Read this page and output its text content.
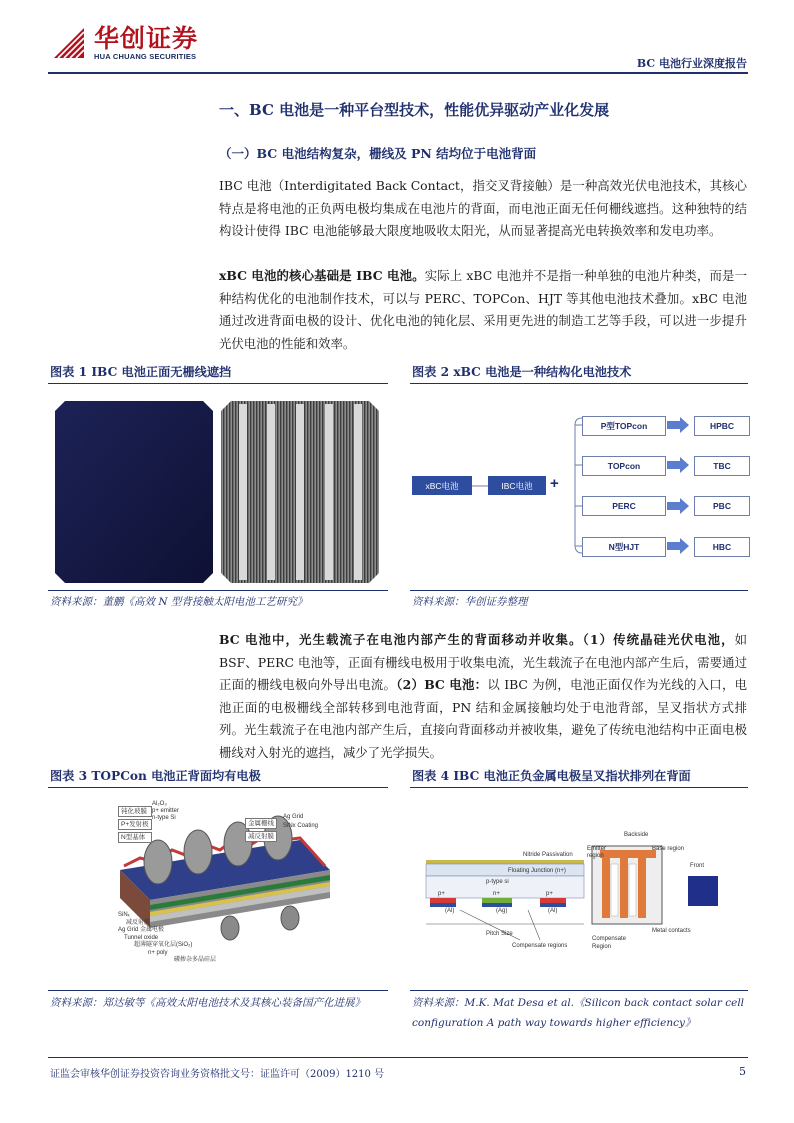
华创证券
HUA CHUANG SECURITIES
BC 电池行业深度报告
一、BC 电池是一种平台型技术，性能优异驱动产业化发展
（一）BC 电池结构复杂，栅线及 PN 结均位于电池背面
IBC 电池（Interdigitated Back Contact，指交叉背接触）是一种高效光伏电池技术，其核心特点是将电池的正负两电极均集成在电池片的背面，而电池正面无任何栅线遮挡。这种独特的结构设计使得 IBC 电池能够最大限度地吸收太阳光，从而显著提高光电转换效率和发电功率。
xBC 电池的核心基础是 IBC 电池。实际上 xBC 电池并不是指一种单独的电池片种类，而是一种结构优化的电池制作技术，可以与 PERC、TOPCon、HJT 等其他电池技术叠加。xBC 电池通过改进背面电极的设计、优化电池的钝化层、采用更先进的制造工艺等手段，可以进一步提升光伏电池的性能和效率。
图表 1 IBC 电池正面无栅线遮挡	图表 2 xBC 电池是一种结构化电池技术
xBC电池	IBC电池	+
P型TOPcon
TOPcon
PERC
N型HJT
HPBC
TBC
PBC
HBC
资料来源：董鹏《高效 N 型背接触太阳电池工艺研究》	资料来源：华创证券整理
BC 电池中，光生载流子在电池内部产生的背面移动并收集。（1）传统晶硅光伏电池，如 BSF、PERC 电池等，正面有栅线电极用于收集电流，光生载流子在电池内部产生后，需要通过正面的栅线电极向外导出电流。（2）BC 电池：以 IBC 为例，电池正面仅作为光线的入口，电池正面的电极栅线全部转移到电池背面，PN 结和金属接触均处于电池背部，呈叉指状方式排列。光生载流子在电池内部产生后，直接向背面移动并被收集，避免了传统电池结构中正面电极栅线对入射光的遮挡，减少了光学损失。
图表 3 TOPCon 电池正背面均有电极	图表 4 IBC 电池正负金属电极呈叉指状排列在背面
钝化玻膜
P+发射极
N型基体
Al₂O₃
p+ emitter
n-type Si
金属栅线
减反射膜
Ag Grid
SiNx Coating
SiNₓ
减反射膜
Ag Grid 金属电极
Tunnel oxide
超薄隧穿氧化层(SiO₂)
n+ poly
磷掺杂多晶硅层
Nitride Passivation
Emitter region
Floating Junction (n+)
p-type si
p+	n+	p+
(Al)	(Ag)	(Al)
Pitch Size
Compensate regions
Backside
Base region
Front
Metal contacts
Compensate Region
资料来源：郑达敏等《高效太阳电池技术及其核心装备国产化进展》	资料来源：M.K. Mat Desa et al.《Silicon back contact solar cell configuration A path way towards higher efficiency》
证监会审核华创证券投资咨询业务资格批文号：证监许可（2009）1210 号	5
